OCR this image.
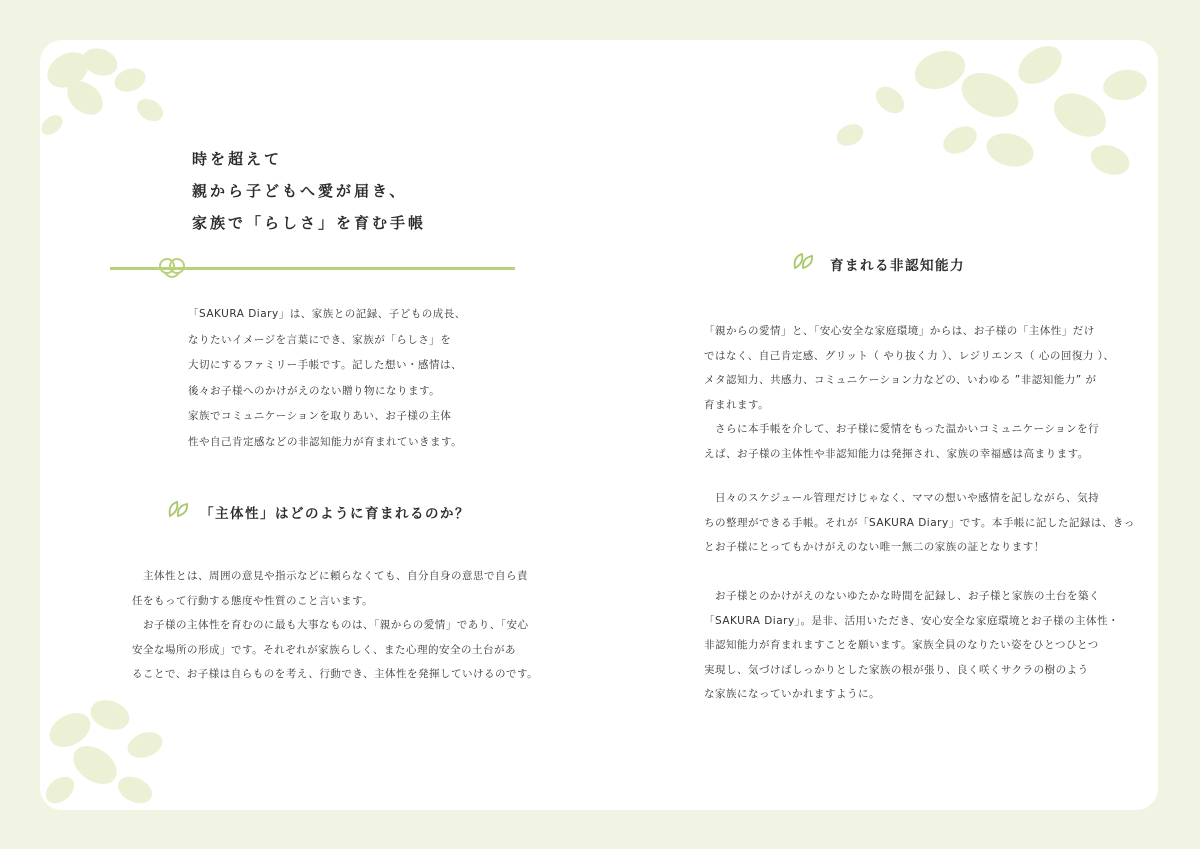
時を超えて
親から子どもへ愛が届き、
家族で「らしさ」を育む手帳
「SAKURA Diary」は、家族との記録、子どもの成長、
なりたいイメージを言葉にでき、家族が「らしさ」を
大切にするファミリー手帳です。記した想い・感情は、
後々お子様へのかけがえのない贈り物になります。
家族でコミュニケーションを取りあい、お子様の主体
性や自己肯定感などの非認知能力が育まれていきます。
「主体性」はどのように育まれるのか？
　主体性とは、周囲の意見や指示などに頼らなくても、自分自身の意思で自ら責
任をもって行動する態度や性質のこと言います。
　お子様の主体性を育むのに最も大事なものは、「親からの愛情」であり、「安心
安全な場所の形成」です。それぞれが家族らしく、また心理的安全の土台があ
ることで、お子様は自らものを考え、行動でき、主体性を発揮していけるのです。
育まれる非認知能力
「親からの愛情」と、「安心安全な家庭環境」からは、お子様の「主体性」だけ
ではなく、自己肯定感、グリット（ やり抜く力 ）、レジリエンス（ 心の回復力 ）、
メタ認知力、共感力、コミュニケーション力などの、いわゆる ”非認知能力” が
育まれます。
　さらに本手帳を介して、お子様に愛情をもった温かいコミュニケーションを行
えば、お子様の主体性や非認知能力は発揮され、家族の幸福感は高まります。
　日々のスケジュール管理だけじゃなく、ママの想いや感情を記しながら、気持
ちの整理ができる手帳。それが「SAKURA Diary」です。本手帳に記した記録は、きっ
とお子様にとってもかけがえのない唯一無二の家族の証となります！
　お子様とのかけがえのないゆたかな時間を記録し、お子様と家族の土台を築く
「SAKURA Diary」。是非、活用いただき、安心安全な家庭環境とお子様の主体性・
非認知能力が育まれますことを願います。家族全員のなりたい姿をひとつひとつ
実現し、気づけばしっかりとした家族の根が張り、良く咲くサクラの樹のよう
な家族になっていかれますように。
